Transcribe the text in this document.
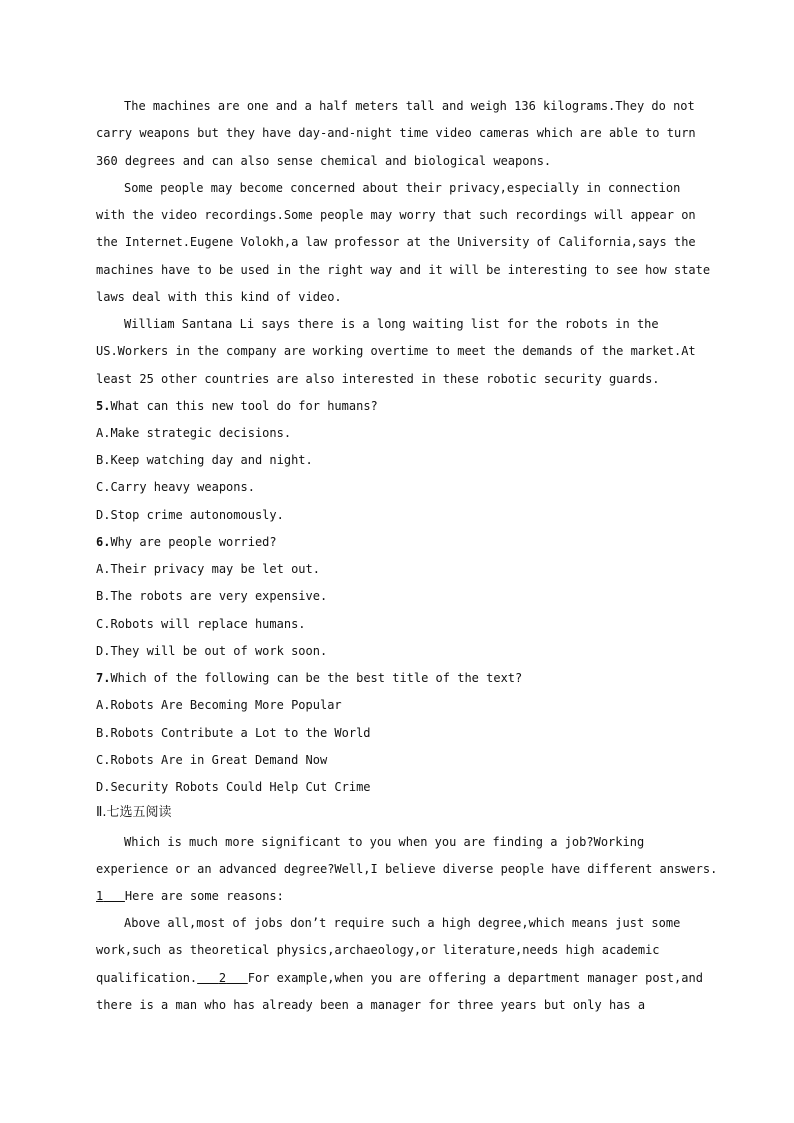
The machines are one and a half meters tall and weigh 136 kilograms.They do not
carry weapons but they have day-and-night time video cameras which are able to turn
360 degrees and can also sense chemical and biological weapons.
Some people may become concerned about their privacy,especially in connection
with the video recordings.Some people may worry that such recordings will appear on
the Internet.Eugene Volokh,a law professor at the University of California,says the
machines have to be used in the right way and it will be interesting to see how state
laws deal with this kind of video.
William Santana Li says there is a long waiting list for the robots in the
US.Workers in the company are working overtime to meet the demands of the market.At
least 25 other countries are also interested in these robotic security guards.
5.What can this new tool do for humans?
A.Make strategic decisions.
B.Keep watching day and night.
C.Carry heavy weapons.
D.Stop crime autonomously.
6.Why are people worried?
A.Their privacy may be let out.
B.The robots are very expensive.
C.Robots will replace humans.
D.They will be out of work soon.
7.Which of the following can be the best title of the text?
A.Robots Are Becoming More Popular
B.Robots Contribute a Lot to the World
C.Robots Are in Great Demand Now
D.Security Robots Could Help Cut Crime
Ⅱ.七选五阅读
Which is much more significant to you when you are finding a job?Working
experience or an advanced degree?Well,I believe diverse people have different answers.
1 Here are some reasons:
Above all,most of jobs don’t require such a high degree,which means just some
work,such as theoretical physics,archaeology,or literature,needs high academic
qualification. 2 For example,when you are offering a department manager post,and
there is a man who has already been a manager for three years but only has a
